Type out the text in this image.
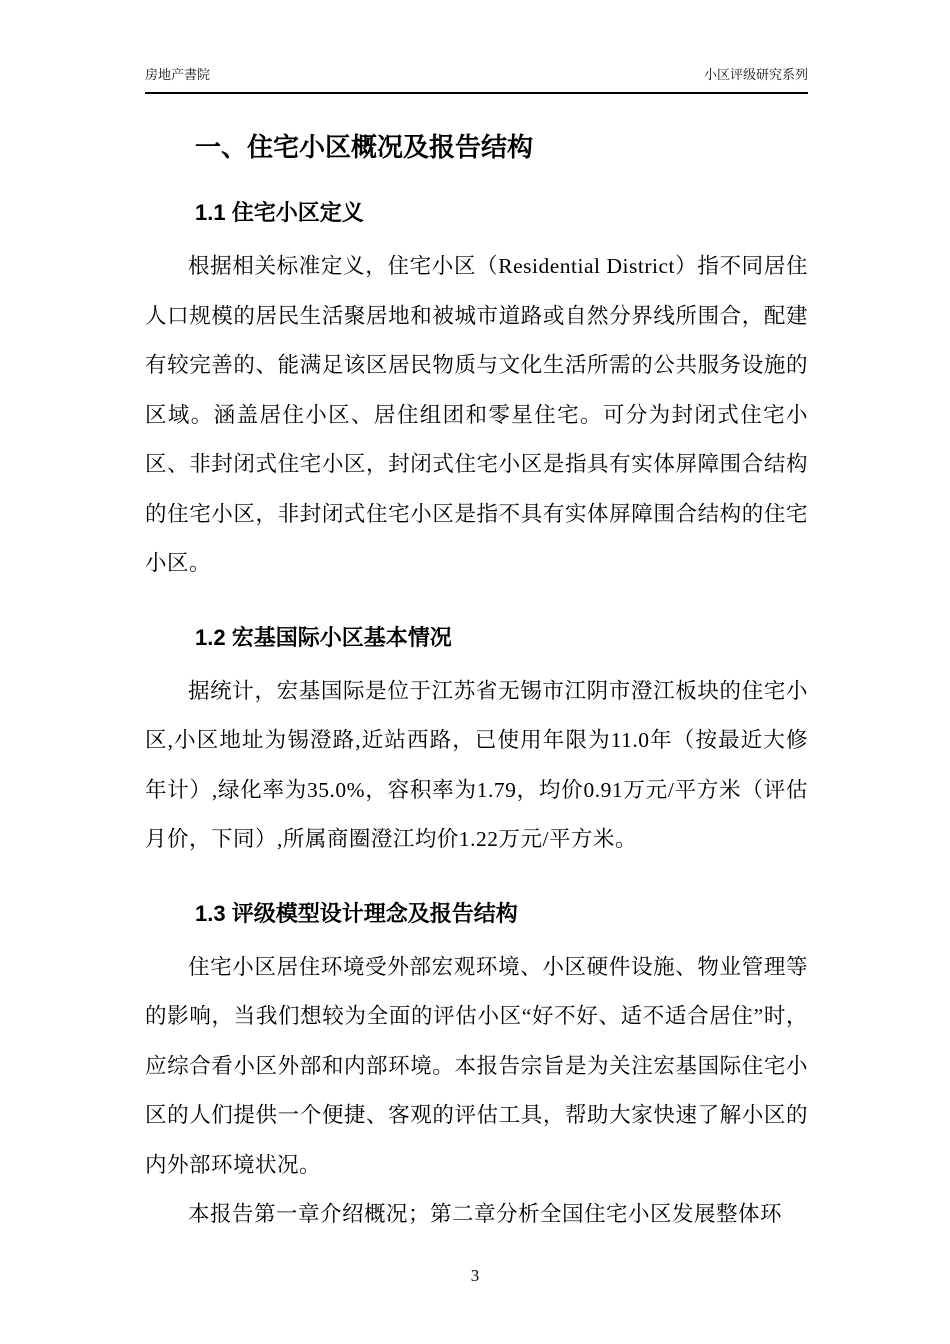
房地产書院	小区评级研究系列
一、住宅小区概况及报告结构
1.1 住宅小区定义

根据相关标准定义，住宅小区（Residential District）指不同居住人口规模的居民生活聚居地和被城市道路或自然分界线所围合，配建有较完善的、能满足该区居民物质与文化生活所需的公共服务设施的区域。涵盖居住小区、居住组团和零星住宅。可分为封闭式住宅小区、非封闭式住宅小区，封闭式住宅小区是指具有实体屏障围合结构的住宅小区，非封闭式住宅小区是指不具有实体屏障围合结构的住宅小区。

1.2 宏基国际小区基本情况

据统计，宏基国际是位于江苏省无锡市江阴市澄江板块的住宅小区,小区地址为锡澄路,近站西路，已使用年限为11.0年（按最近大修年计）,绿化率为35.0%，容积率为1.79，均价0.91万元/平方米（评估月价，下同）,所属商圈澄江均价1.22万元/平方米。

1.3 评级模型设计理念及报告结构

住宅小区居住环境受外部宏观环境、小区硬件设施、物业管理等的影响，当我们想较为全面的评估小区“好不好、适不适合居住”时，应综合看小区外部和内部环境。本报告宗旨是为关注宏基国际住宅小区的人们提供一个便捷、客观的评估工具，帮助大家快速了解小区的内外部环境状况。

本报告第一章介绍概况；第二章分析全国住宅小区发展整体环

3
